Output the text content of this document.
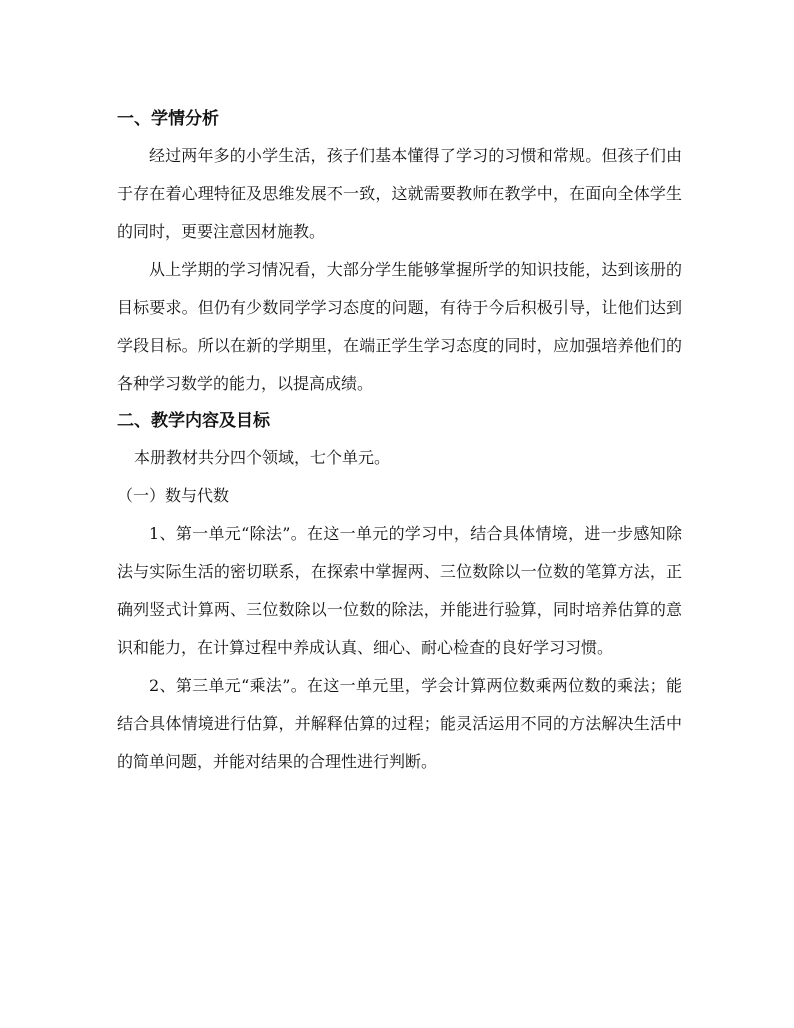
一、学情分析

经过两年多的小学生活，孩子们基本懂得了学习的习惯和常规。但孩子们由于存在着心理特征及思维发展不一致，这就需要教师在教学中，在面向全体学生的同时，更要注意因材施教。

从上学期的学习情况看，大部分学生能够掌握所学的知识技能，达到该册的目标要求。但仍有少数同学学习态度的问题，有待于今后积极引导，让他们达到学段目标。所以在新的学期里，在端正学生学习态度的同时，应加强培养他们的各种学习数学的能力，以提高成绩。

二、教学内容及目标
本册教材共分四个领域，七个单元。
（一）数与代数

1、第一单元“除法”。在这一单元的学习中，结合具体情境，进一步感知除法与实际生活的密切联系，在探索中掌握两、三位数除以一位数的笔算方法，正确列竖式计算两、三位数除以一位数的除法，并能进行验算，同时培养估算的意识和能力，在计算过程中养成认真、细心、耐心检查的良好学习习惯。

2、第三单元“乘法”。在这一单元里，学会计算两位数乘两位数的乘法；能结合具体情境进行估算，并解释估算的过程；能灵活运用不同的方法解决生活中的简单问题，并能对结果的合理性进行判断。
